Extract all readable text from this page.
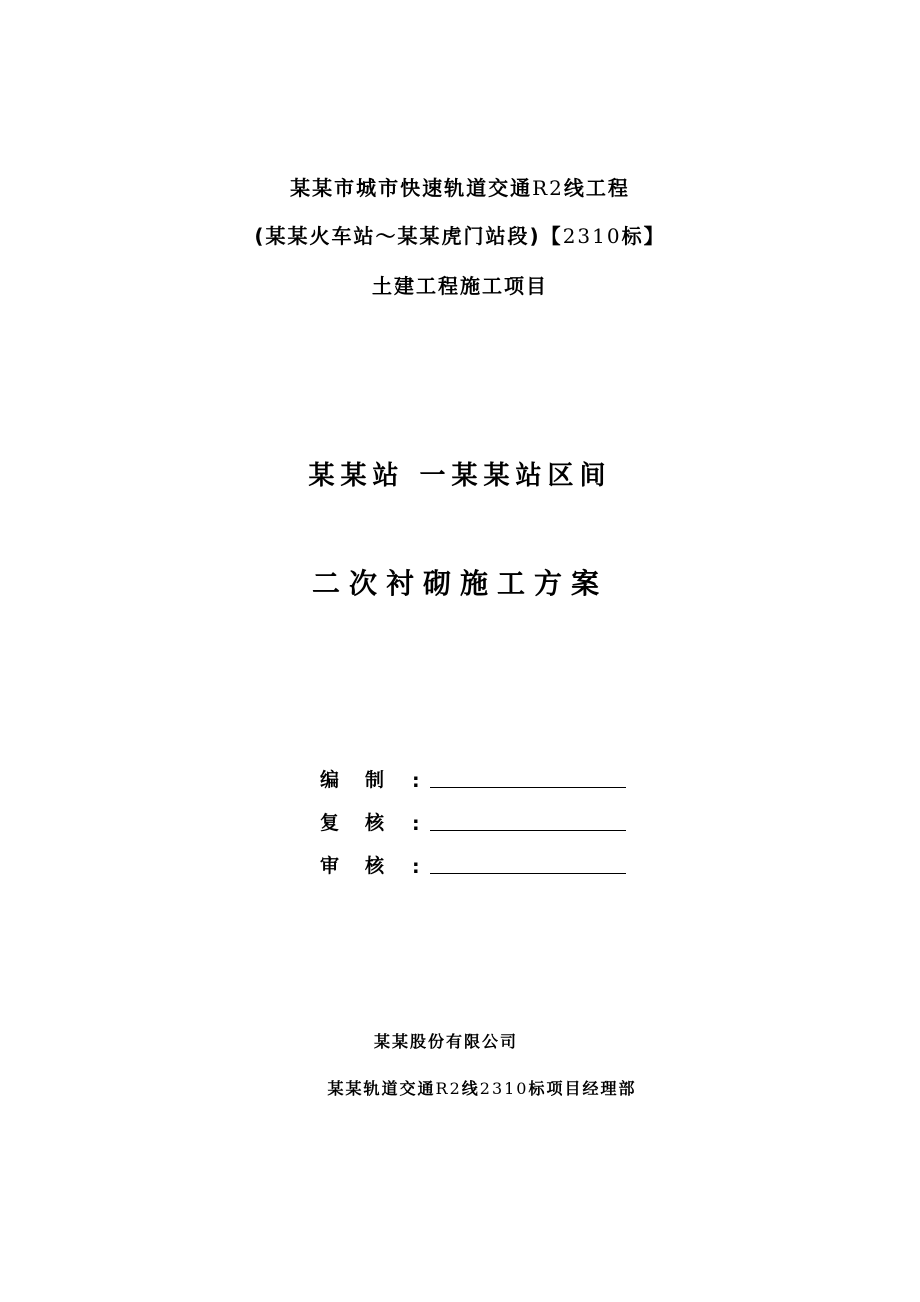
某某市城市快速轨道交通R2线工程
(某某火车站～某某虎门站段)【2310标】
土建工程施工项目
某某站 一某某站区间
二次衬砌施工方案
编制 :
复核 :
审核 :
某某股份有限公司
某某轨道交通R2线2310标项目经理部
